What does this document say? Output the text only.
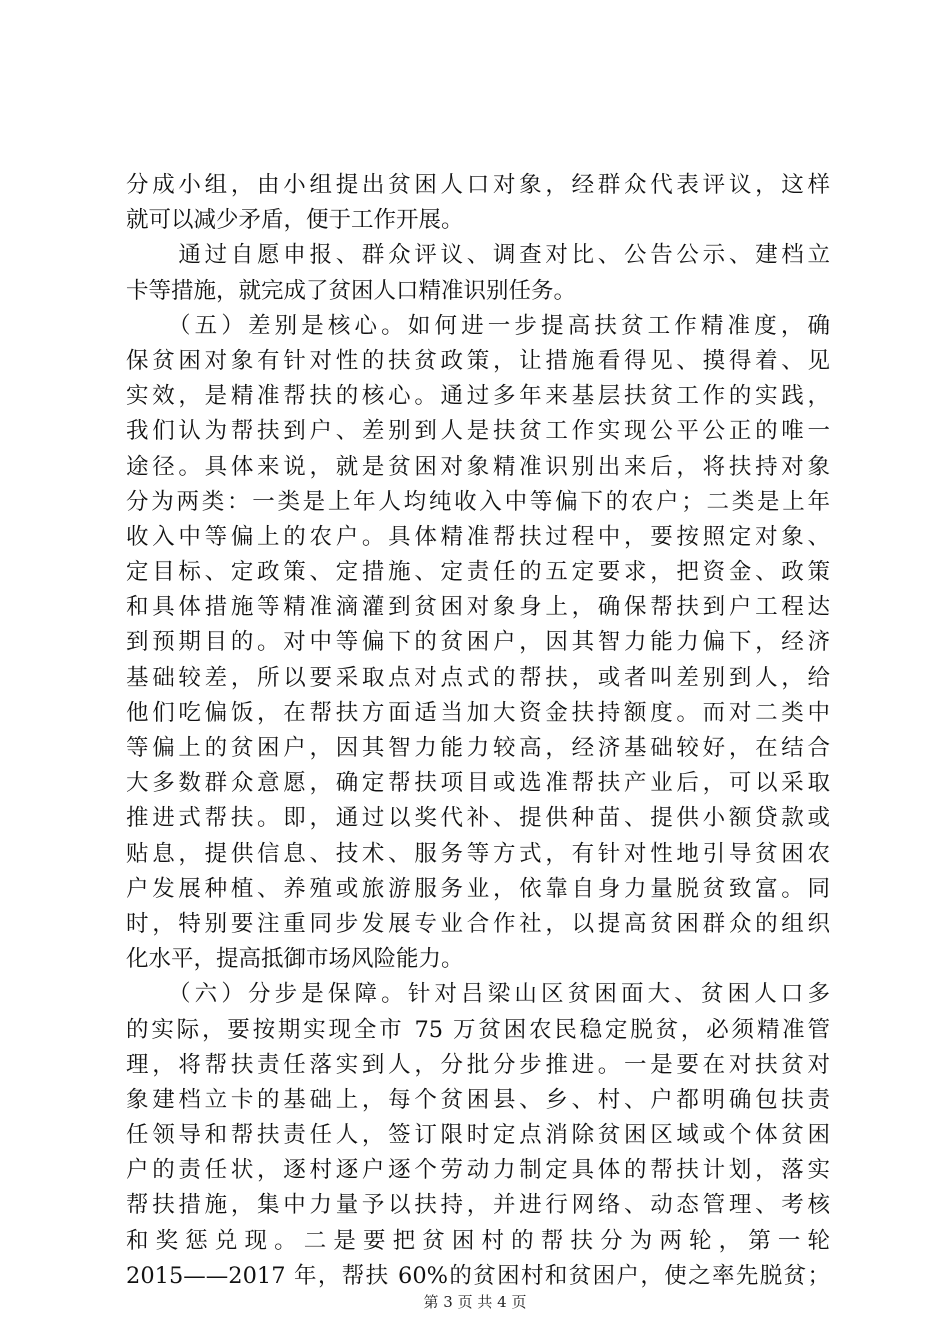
分成小组，由小组提出贫困人口对象，经群众代表评议，这样
就可以减少矛盾，便于工作开展。
　　通过自愿申报、群众评议、调查对比、公告公示、建档立
卡等措施，就完成了贫困人口精准识别任务。
　　（五）差别是核心。如何进一步提高扶贫工作精准度，确
保贫困对象有针对性的扶贫政策，让措施看得见、摸得着、见
实效，是精准帮扶的核心。通过多年来基层扶贫工作的实践，
我们认为帮扶到户、差别到人是扶贫工作实现公平公正的唯一
途径。具体来说，就是贫困对象精准识别出来后，将扶持对象
分为两类：一类是上年人均纯收入中等偏下的农户；二类是上年
收入中等偏上的农户。具体精准帮扶过程中，要按照定对象、
定目标、定政策、定措施、定责任的五定要求，把资金、政策
和具体措施等精准滴灌到贫困对象身上，确保帮扶到户工程达
到预期目的。对中等偏下的贫困户，因其智力能力偏下，经济
基础较差，所以要采取点对点式的帮扶，或者叫差别到人，给
他们吃偏饭，在帮扶方面适当加大资金扶持额度。而对二类中
等偏上的贫困户，因其智力能力较高，经济基础较好，在结合
大多数群众意愿，确定帮扶项目或选准帮扶产业后，可以采取
推进式帮扶。即，通过以奖代补、提供种苗、提供小额贷款或
贴息，提供信息、技术、服务等方式，有针对性地引导贫困农
户发展种植、养殖或旅游服务业，依靠自身力量脱贫致富。同
时，特别要注重同步发展专业合作社，以提高贫困群众的组织
化水平，提高抵御市场风险能力。
　　（六）分步是保障。针对吕梁山区贫困面大、贫困人口多
的实际，要按期实现全市 75 万贫困农民稳定脱贫，必须精准管
理，将帮扶责任落实到人，分批分步推进。一是要在对扶贫对
象建档立卡的基础上，每个贫困县、乡、村、户都明确包扶责
任领导和帮扶责任人，签订限时定点消除贫困区域或个体贫困
户的责任状，逐村逐户逐个劳动力制定具体的帮扶计划，落实
帮扶措施，集中力量予以扶持，并进行网络、动态管理、考核
和奖惩兑现。二是要把贫困村的帮扶分为两轮，第一轮
2015——2017 年，帮扶 60%的贫困村和贫困户，使之率先脱贫；
第 3 页 共 4 页
